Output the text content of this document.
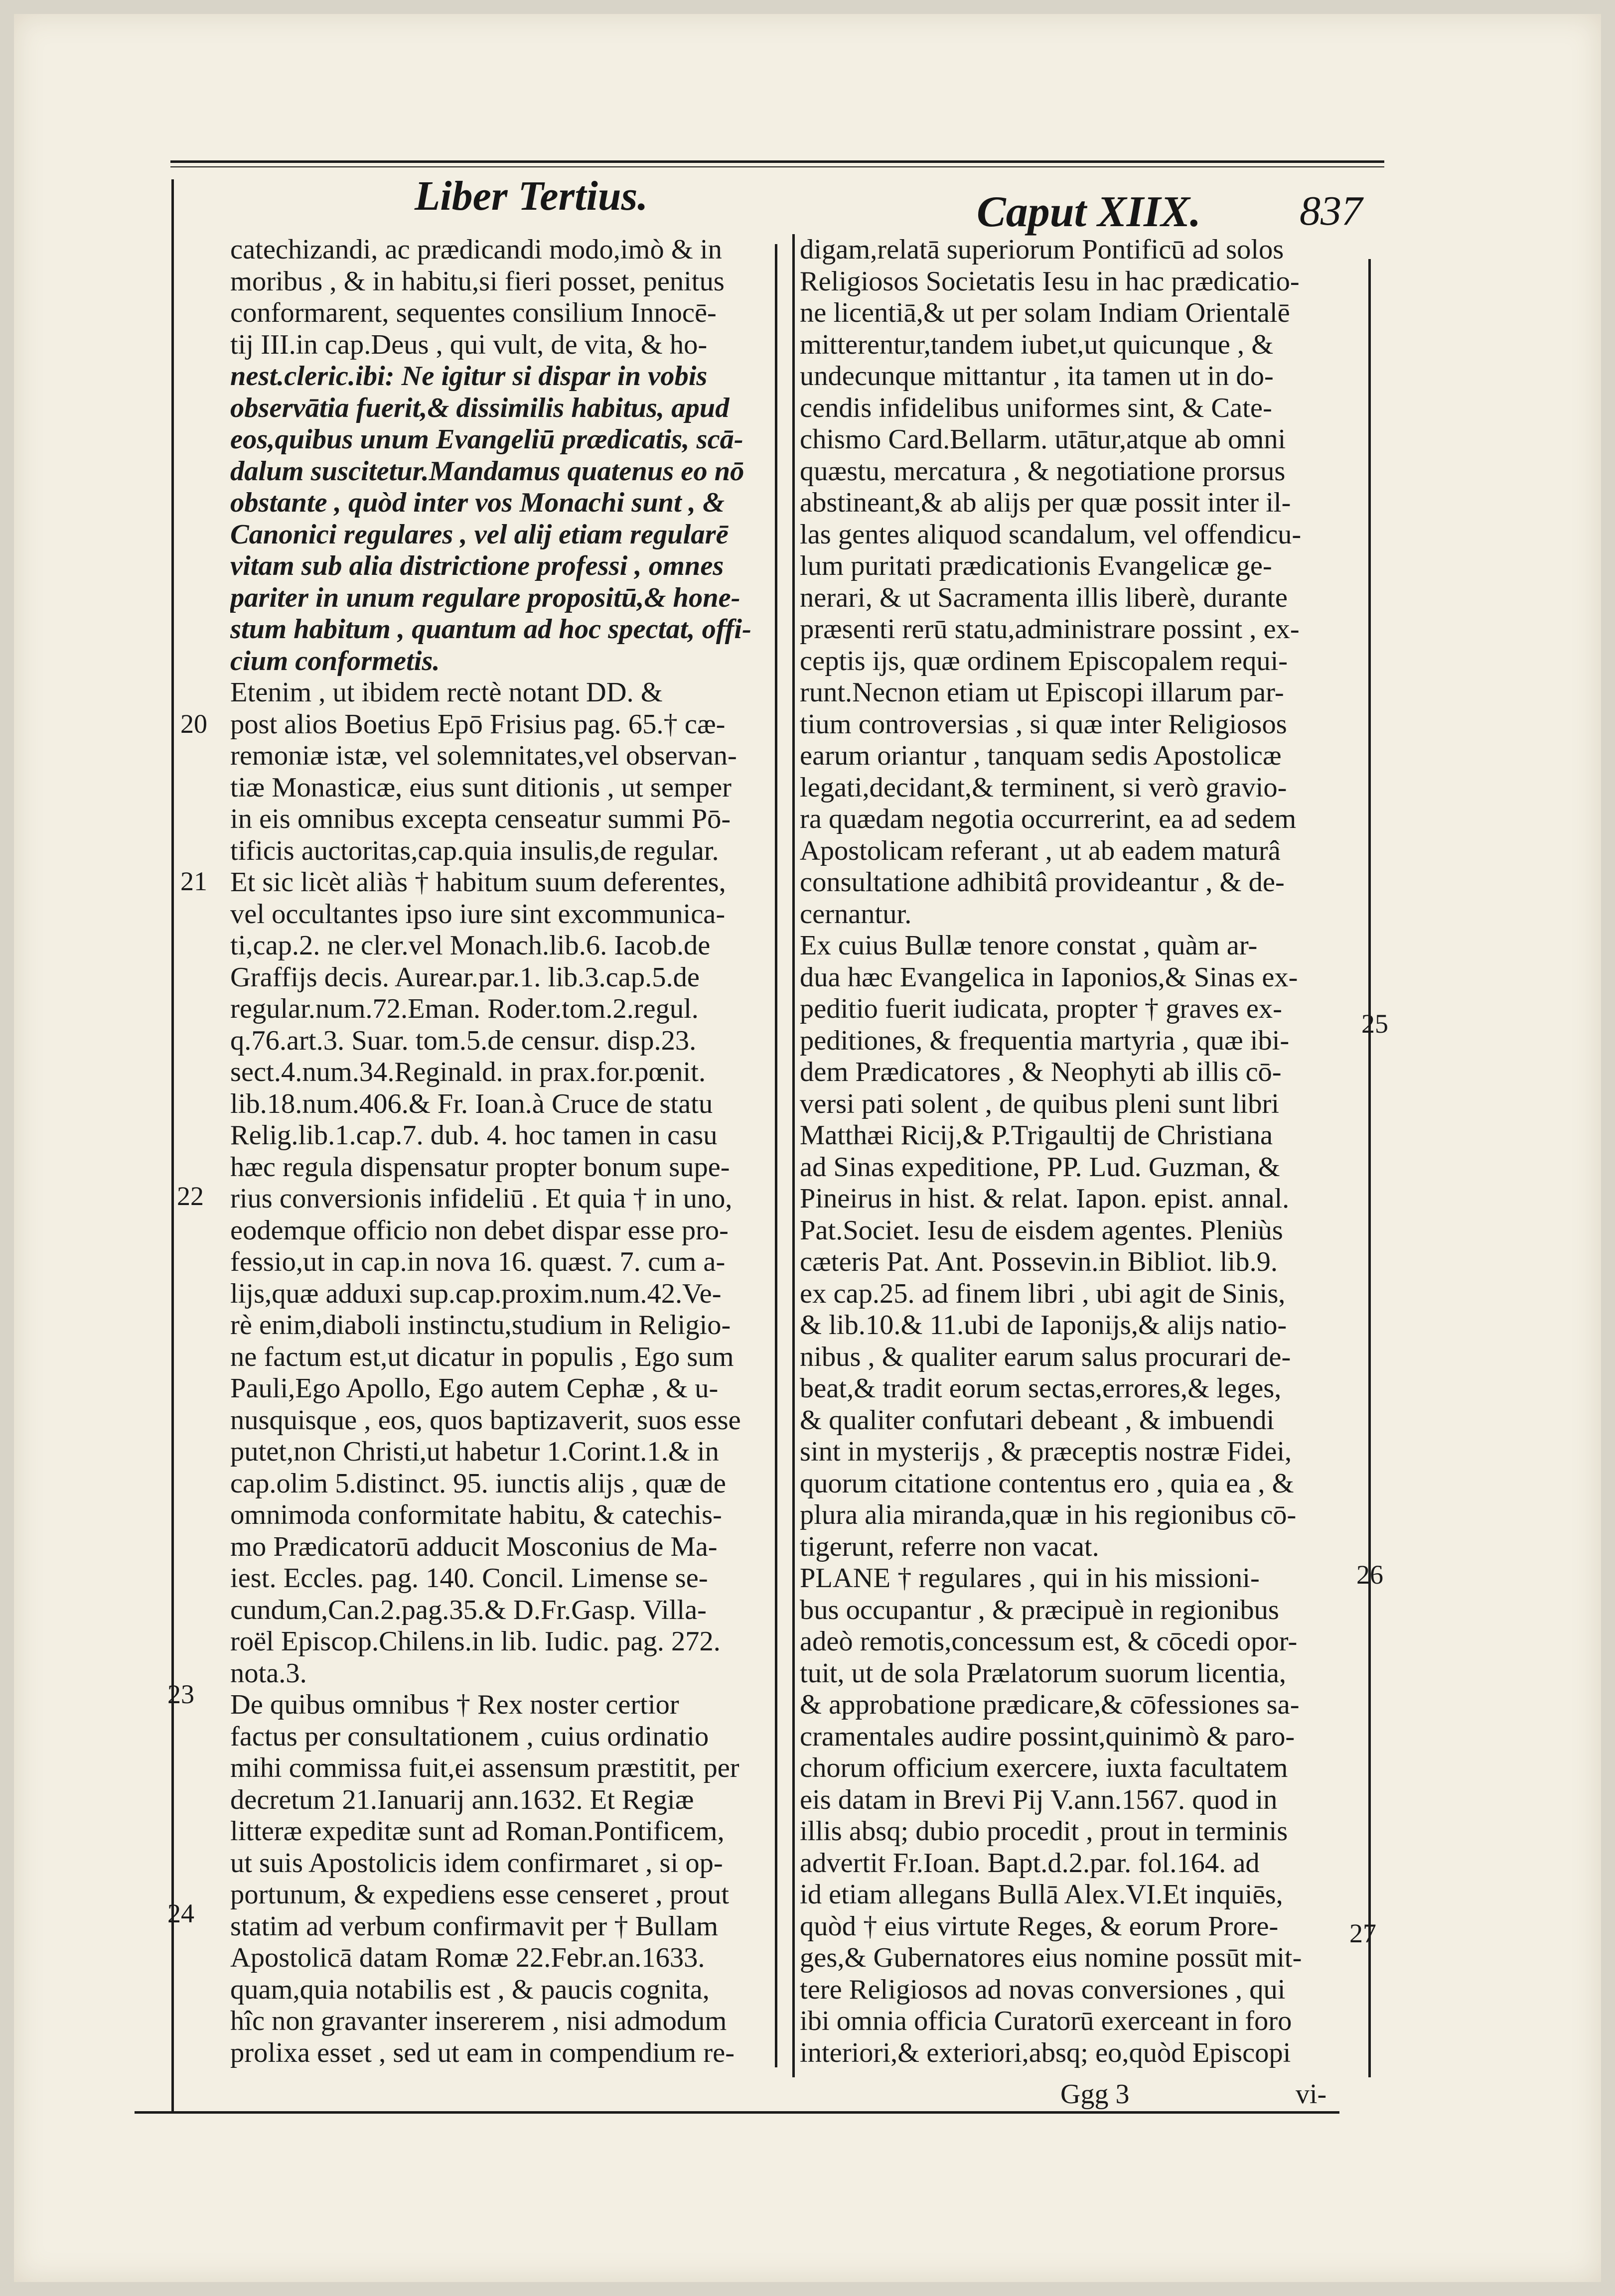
Liber Tertius.	Caput XIIX. 837
catechizandi, ac prædicandi modo,imò & in
moribus , & in habitu,si fieri posset, penitus
conformarent, sequentes consilium Innocē-
tij III.in cap.Deus , qui vult, de vita, & ho-
nest.cleric.ibi: Ne igitur si dispar in vobis
observātia fuerit,& dissimilis habitus, apud
eos,quibus unum Evangeliū prædicatis, scā-
dalum suscitetur.Mandamus quatenus eo nō
obstante , quòd inter vos Monachi sunt , &
Canonici regulares , vel alij etiam regularē
vitam sub alia districtione professi , omnes
pariter in unum regulare propositū,& hone-
stum habitum , quantum ad hoc spectat, offi-
cium conformetis.
Etenim , ut ibidem rectè notant DD. &
post alios Boetius Epō Frisius pag. 65.† cæ-
remoniæ istæ, vel solemnitates,vel observan-
tiæ Monasticæ, eius sunt ditionis , ut semper
in eis omnibus excepta censeatur summi Pō-
tificis auctoritas,cap.quia insulis,de regular.
Et sic licèt aliàs † habitum suum deferentes,
vel occultantes ipso iure sint excommunica-
ti,cap.2. ne cler.vel Monach.lib.6. Iacob.de
Graffijs decis. Aurear.par.1. lib.3.cap.5.de
regular.num.72.Eman. Roder.tom.2.regul.
q.76.art.3. Suar. tom.5.de censur. disp.23.
sect.4.num.34.Reginald. in prax.for.pœnit.
lib.18.num.406.& Fr. Ioan.à Cruce de statu
Relig.lib.1.cap.7. dub. 4. hoc tamen in casu
hæc regula dispensatur propter bonum supe-
rius conversionis infideliū . Et quia † in uno,
eodemque officio non debet dispar esse pro-
fessio,ut in cap.in nova 16. quæst. 7. cum a-
lijs,quæ adduxi sup.cap.proxim.num.42.Ve-
rè enim,diaboli instinctu,studium in Religio-
ne factum est,ut dicatur in populis , Ego sum
Pauli,Ego Apollo, Ego autem Cephæ , & u-
nusquisque , eos, quos baptizaverit, suos esse
putet,non Christi,ut habetur 1.Corint.1.& in
cap.olim 5.distinct. 95. iunctis alijs , quæ de
omnimoda conformitate habitu, & catechis-
mo Prædicatorū adducit Mosconius de Ma-
iest. Eccles. pag. 140. Concil. Limense se-
cundum,Can.2.pag.35.& D.Fr.Gasp. Villa-
roël Episcop.Chilens.in lib. Iudic. pag. 272.
nota.3.
De quibus omnibus † Rex noster certior
factus per consultationem , cuius ordinatio
mihi commissa fuit,ei assensum præstitit, per
decretum 21.Ianuarij ann.1632. Et Regiæ
litteræ expeditæ sunt ad Roman.Pontificem,
ut suis Apostolicis idem confirmaret , si op-
portunum, & expediens esse censeret , prout
statim ad verbum confirmavit per † Bullam
Apostolicā datam Romæ 22.Febr.an.1633.
quam,quia notabilis est , & paucis cognita,
hîc non gravanter insererem , nisi admodum
prolixa esset , sed ut eam in compendium re-
digam,relatā superiorum Pontificū ad solos
Religiosos Societatis Iesu in hac prædicatio-
ne licentiā,& ut per solam Indiam Orientalē
mitterentur,tandem iubet,ut quicunque , &
undecunque mittantur , ita tamen ut in do-
cendis infidelibus uniformes sint, & Cate-
chismo Card.Bellarm. utātur,atque ab omni
quæstu, mercatura , & negotiatione prorsus
abstineant,& ab alijs per quæ possit inter il-
las gentes aliquod scandalum, vel offendicu-
lum puritati prædicationis Evangelicæ ge-
nerari, & ut Sacramenta illis liberè, durante
præsenti rerū statu,administrare possint , ex-
ceptis ijs, quæ ordinem Episcopalem requi-
runt.Necnon etiam ut Episcopi illarum par-
tium controversias , si quæ inter Religiosos
earum oriantur , tanquam sedis Apostolicæ
legati,decidant,& terminent, si verò gravio-
ra quædam negotia occurrerint, ea ad sedem
Apostolicam referant , ut ab eadem maturâ
consultatione adhibitâ provideantur , & de-
cernantur.
Ex cuius Bullæ tenore constat , quàm ar-
dua hæc Evangelica in Iaponios,& Sinas ex-
peditio fuerit iudicata, propter † graves ex-
peditiones, & frequentia martyria , quæ ibi-
dem Prædicatores , & Neophyti ab illis cō-
versi pati solent , de quibus pleni sunt libri
Matthæi Ricij,& P.Trigaultij de Christiana
ad Sinas expeditione, PP. Lud. Guzman, &
Pineirus in hist. & relat. Iapon. epist. annal.
Pat.Societ. Iesu de eisdem agentes. Pleniùs
cæteris Pat. Ant. Possevin.in Bibliot. lib.9.
ex cap.25. ad finem libri , ubi agit de Sinis,
& lib.10.& 11.ubi de Iaponijs,& alijs natio-
nibus , & qualiter earum salus procurari de-
beat,& tradit eorum sectas,errores,& leges,
& qualiter confutari debeant , & imbuendi
sint in mysterijs , & præceptis nostræ Fidei,
quorum citatione contentus ero , quia ea , &
plura alia miranda,quæ in his regionibus cō-
tigerunt, referre non vacat.
PLANE † regulares , qui in his missioni-
bus occupantur , & præcipuè in regionibus
adeò remotis,concessum est, & cōcedi opor-
tuit, ut de sola Prælatorum suorum licentia,
& approbatione prædicare,& cōfessiones sa-
cramentales audire possint,quinimò & paro-
chorum officium exercere, iuxta facultatem
eis datam in Brevi Pij V.ann.1567. quod in
illis absq; dubio procedit , prout in terminis
advertit Fr.Ioan. Bapt.d.2.par. fol.164. ad
id etiam allegans Bullā Alex.VI.Et inquiēs,
quòd † eius virtute Reges, & eorum Prore-
ges,& Gubernatores eius nomine possūt mit-
tere Religiosos ad novas conversiones , qui
ibi omnia officia Curatorū exerceant in foro
interiori,& exteriori,absq; eo,quòd Episcopi
20
21
22
23
24
25
26
27
Ggg 3	vi-
